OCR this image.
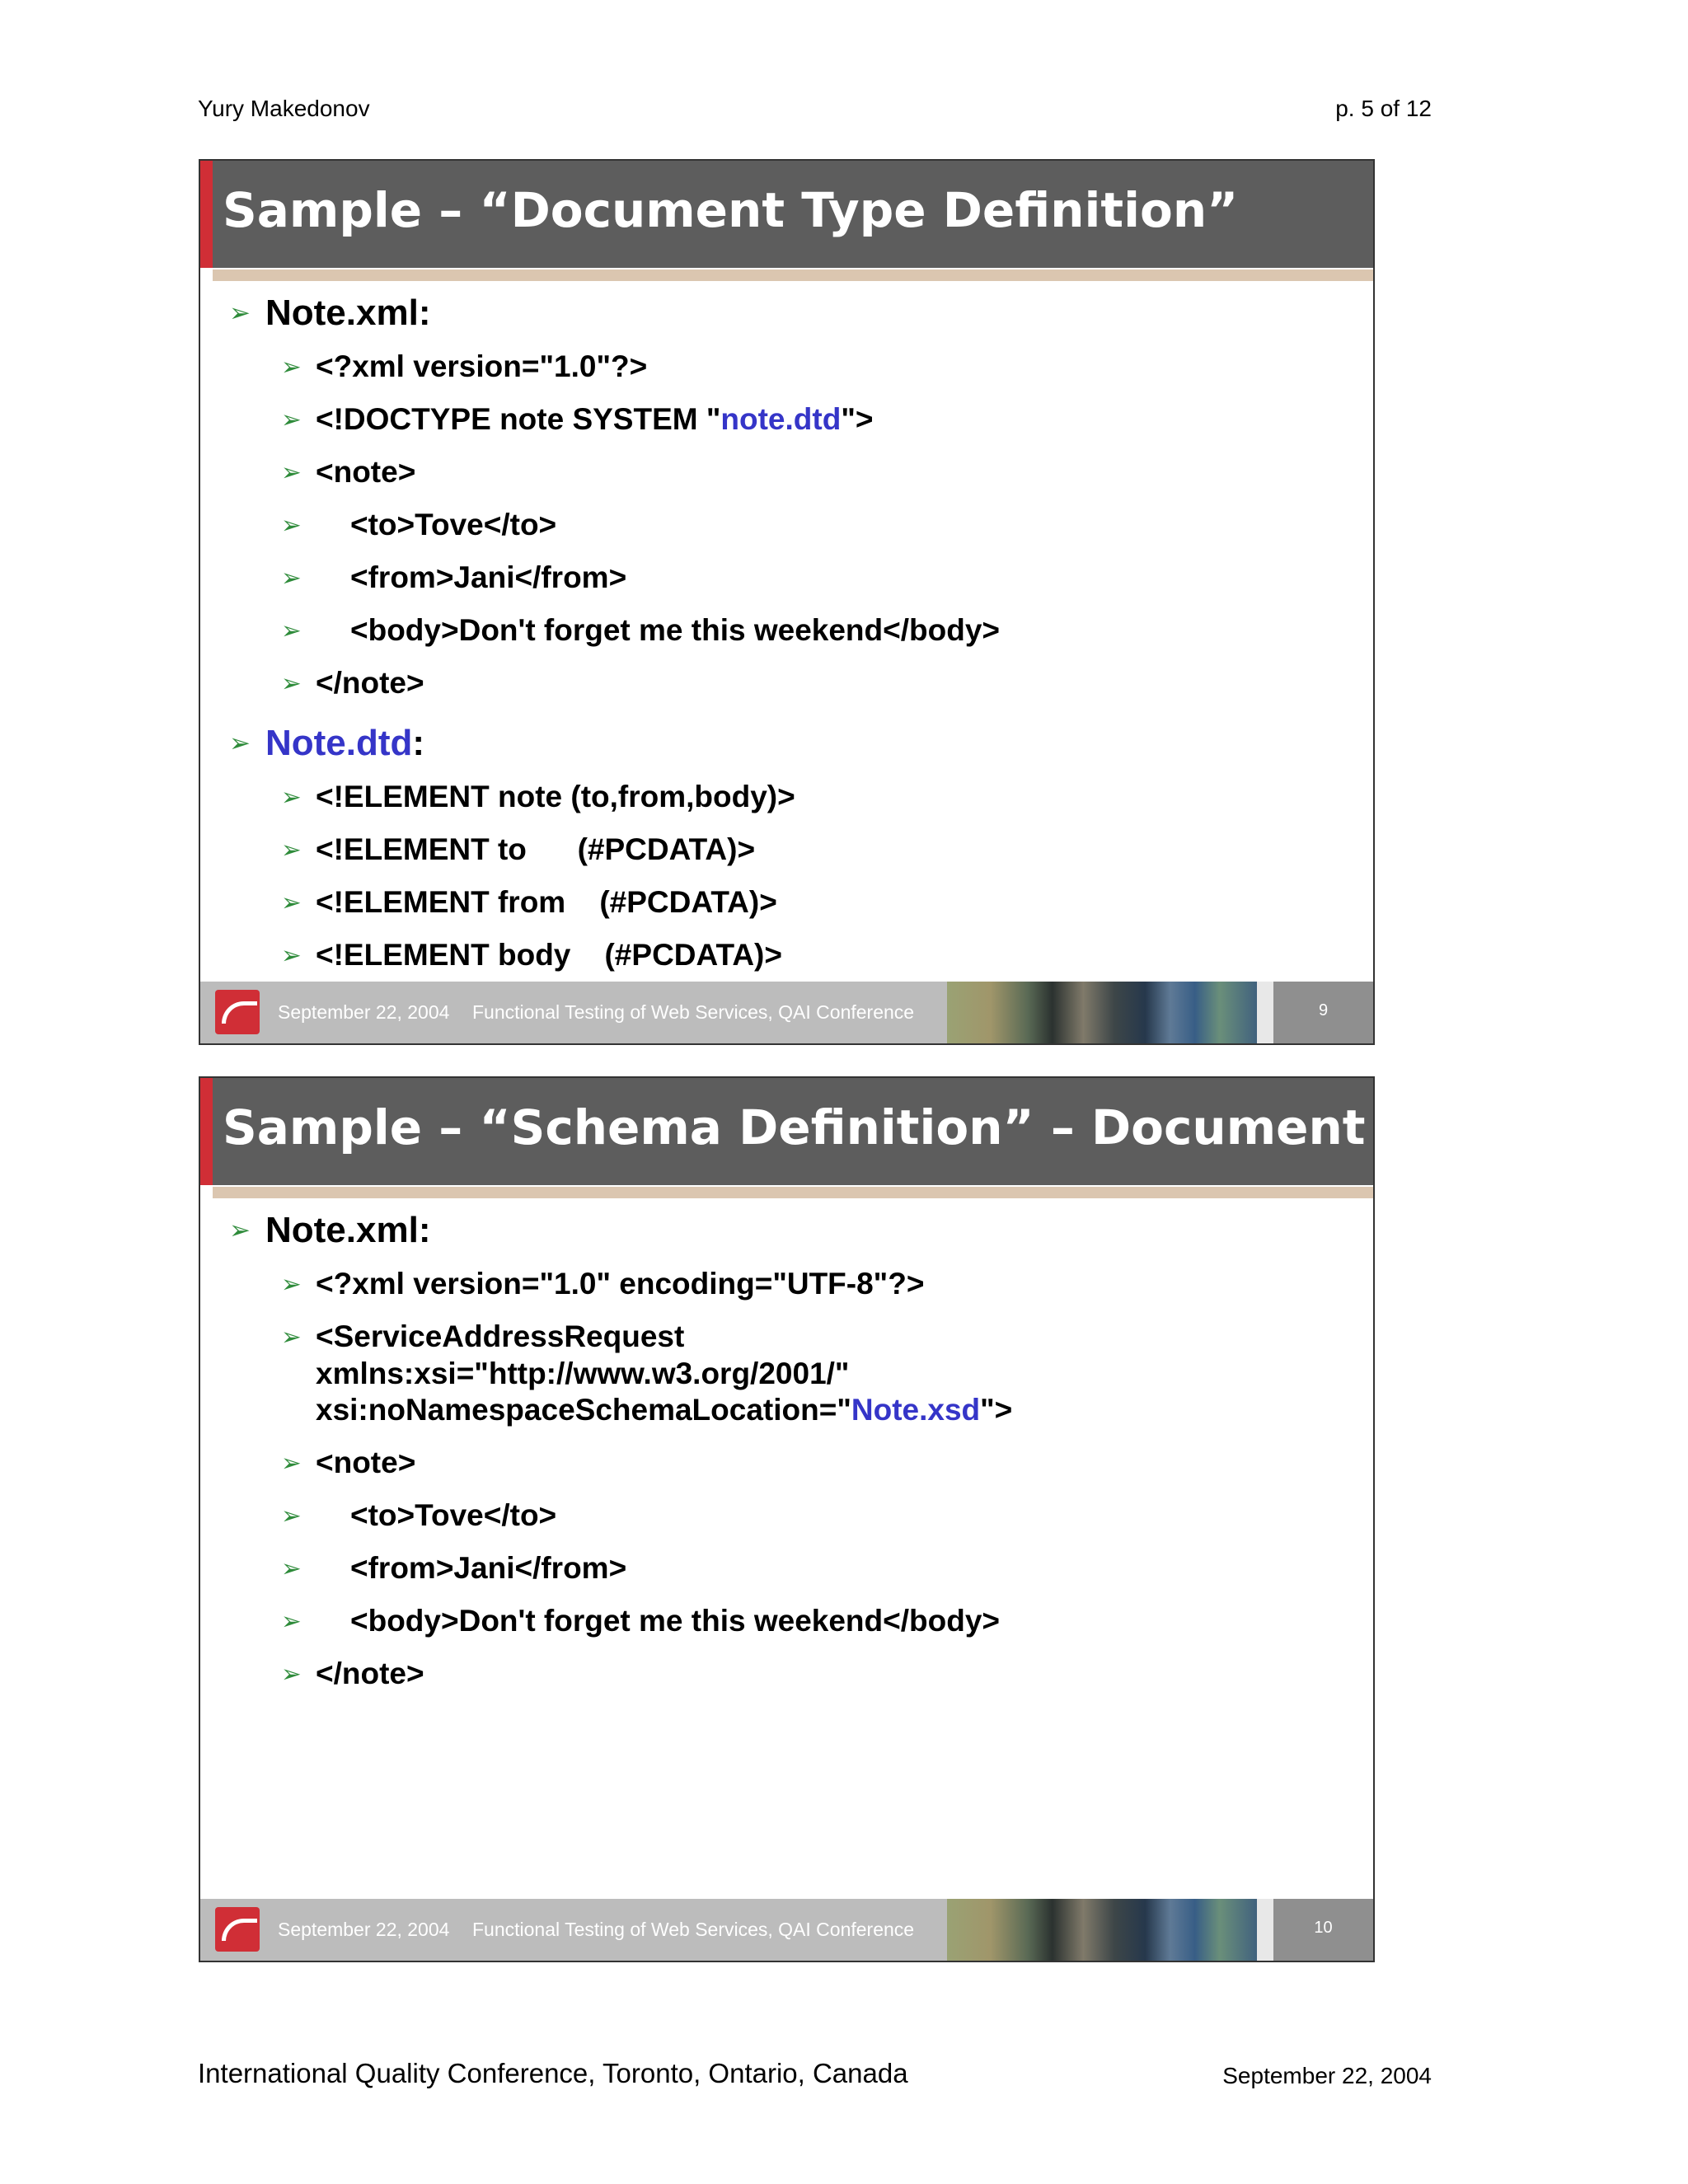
Yury Makedonov	p. 5 of 12
Sample – “Document Type Definition”
➢ Note.xml:
➢ <?xml version="1.0"?>
➢ <!DOCTYPE note SYSTEM "note.dtd">
➢ <note>
➢ <to>Tove</to>
➢ <from>Jani</from>
➢ <body>Don't forget me this weekend</body>
➢ </note>
➢ Note.dtd:
➢ <!ELEMENT note (to,from,body)>
➢ <!ELEMENT to      (#PCDATA)>
➢ <!ELEMENT from    (#PCDATA)>
➢ <!ELEMENT body    (#PCDATA)>
September 22, 2004 Functional Testing of Web Services, QAI Conference	9
Sample – “Schema Definition” – Document
➢ Note.xml:
➢ <?xml version="1.0" encoding="UTF-8"?>
➢ <ServiceAddressRequest
xmlns:xsi="http://www.w3.org/2001/"
xsi:noNamespaceSchemaLocation="Note.xsd">
➢ <note>
➢ <to>Tove</to>
➢ <from>Jani</from>
➢ <body>Don't forget me this weekend</body>
➢ </note>
September 22, 2004 Functional Testing of Web Services, QAI Conference	10
International Quality Conference, Toronto, Ontario, Canada	September 22, 2004
